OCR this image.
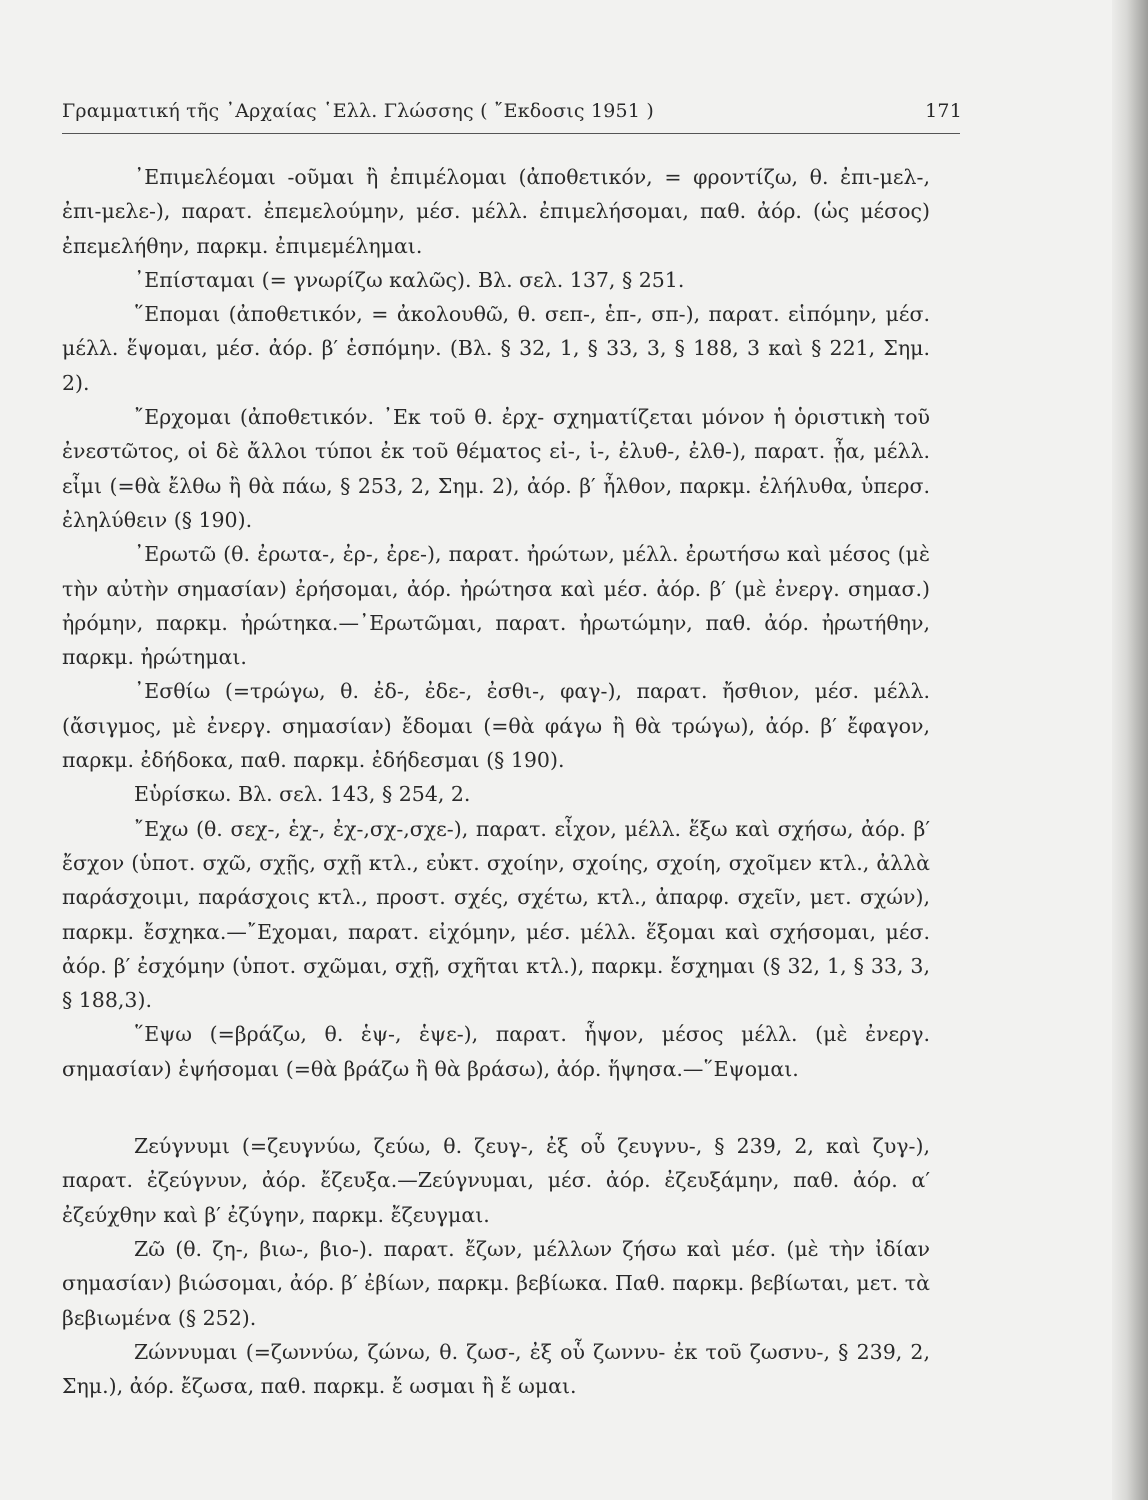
Γραμματική τῆς ᾽Αρχαίας ῾Ελλ. Γλώσσης ( ῎Εκδοσις 1951 )	171

᾽Επιμελέομαι -οῦμαι ἢ ἐπιμέλομαι (ἀποθετικόν, = φροντίζω, θ. ἐπι-μελ-, ἐπι-μελε-), παρατ. ἐπεμελούμην, μέσ. μέλλ. ἐπιμελήσομαι, παθ. ἀόρ. (ὡς μέσος) ἐπεμελήθην, παρκμ. ἐπιμεμέλημαι.

᾽Επίσταμαι (= γνωρίζω καλῶς). Βλ. σελ. 137, § 251.

῞Επομαι (ἀποθετικόν, = ἀκολουθῶ, θ. σεπ-, ἑπ-, σπ-), παρατ. εἱπόμην, μέσ. μέλλ. ἕψομαι, μέσ. ἀόρ. β′ ἑσπόμην. (Βλ. § 32, 1, § 33, 3, § 188, 3 καὶ § 221, Σημ. 2).

῎Ερχομαι (ἀποθετικόν. ᾽Εκ τοῦ θ. ἐρχ- σχηματίζεται μόνον ἡ ὁριστικὴ τοῦ ἐνεστῶτος, οἱ δὲ ἄλλοι τύποι ἐκ τοῦ θέματος εἰ-, ἰ-, ἐλυθ-, ἐλθ-), παρατ. ᾖα, μέλλ. εἶμι (=θὰ ἔλθω ἢ θὰ πάω, § 253, 2, Σημ. 2), ἀόρ. β′ ἦλθον, παρκμ. ἐλήλυθα, ὑπερσ. ἐληλύθειν (§ 190).

᾽Ερωτῶ (θ. ἐρωτα-, ἐρ-, ἐρε-), παρατ. ἠρώτων, μέλλ. ἐρωτήσω καὶ μέσος (μὲ τὴν αὐτὴν σημασίαν) ἐρήσομαι, ἀόρ. ἠρώτησα καὶ μέσ. ἀόρ. β′ (μὲ ἐνεργ. σημασ.) ἠρόμην, παρκμ. ἠρώτηκα.—᾽Ερωτῶμαι, παρατ. ἠρωτώμην, παθ. ἀόρ. ἠρωτήθην, παρκμ. ἠρώτημαι.

᾽Εσθίω (=τρώγω, θ. ἐδ-, ἐδε-, ἐσθι-, φαγ-), παρατ. ἤσθιον, μέσ. μέλλ. (ἄσιγμος, μὲ ἐνεργ. σημασίαν) ἔδομαι (=θὰ φάγω ἢ θὰ τρώγω), ἀόρ. β′ ἔφαγον, παρκμ. ἐδήδοκα, παθ. παρκμ. ἐδήδεσμαι (§ 190).

Εὑρίσκω. Βλ. σελ. 143, § 254, 2.

῎Εχω (θ. σεχ-, ἑχ-, ἐχ-,σχ-,σχε-), παρατ. εἶχον, μέλλ. ἕξω καὶ σχήσω, ἀόρ. β′ ἔσχον (ὑποτ. σχῶ, σχῇς, σχῇ κτλ., εὐκτ. σχοίην, σχοίης, σχοίη, σχοῖμεν κτλ., ἀλλὰ παράσχοιμι, παράσχοις κτλ., προστ. σχές, σχέτω, κτλ., ἀπαρφ. σχεῖν, μετ. σχών), παρκμ. ἔσχηκα.—῎Εχομαι, παρατ. εἰχόμην, μέσ. μέλλ. ἕξομαι καὶ σχήσομαι, μέσ. ἀόρ. β′ ἐσχόμην (ὑποτ. σχῶμαι, σχῇ, σχῆται κτλ.), παρκμ. ἔσχημαι (§ 32, 1, § 33, 3, § 188,3).

῞Εψω (=βράζω, θ. ἑψ-, ἑψε-), παρατ. ἧψον, μέσος μέλλ. (μὲ ἐνεργ. σημασίαν) ἑψήσομαι (=θὰ βράζω ἢ θὰ βράσω), ἀόρ. ἥψησα.—῞Εψομαι.

Ζεύγνυμι (=ζευγνύω, ζεύω, θ. ζευγ-, ἐξ οὗ ζευγνυ-, § 239, 2, καὶ ζυγ-), παρατ. ἐζεύγνυν, ἀόρ. ἔζευξα.—Ζεύγνυμαι, μέσ. ἀόρ. ἐζευξάμην, παθ. ἀόρ. α′ ἐζεύχθην καὶ β′ ἐζύγην, παρκμ. ἔζευγμαι.

Ζῶ (θ. ζη-, βιω-, βιο-). παρατ. ἔζων, μέλλων ζήσω καὶ μέσ. (μὲ τὴν ἰδίαν σημασίαν) βιώσομαι, ἀόρ. β′ ἐβίων, παρκμ. βεβίωκα. Παθ. παρκμ. βεβίωται, μετ. τὰ βεβιωμένα (§ 252).

Ζώννυμαι (=ζωννύω, ζώνω, θ. ζωσ-, ἐξ οὗ ζωννυ- ἐκ τοῦ ζωσνυ-, § 239, 2, Σημ.), ἀόρ. ἔζωσα, παθ. παρκμ. ἔ ωσμαι ἢ ἔ ωμαι.
